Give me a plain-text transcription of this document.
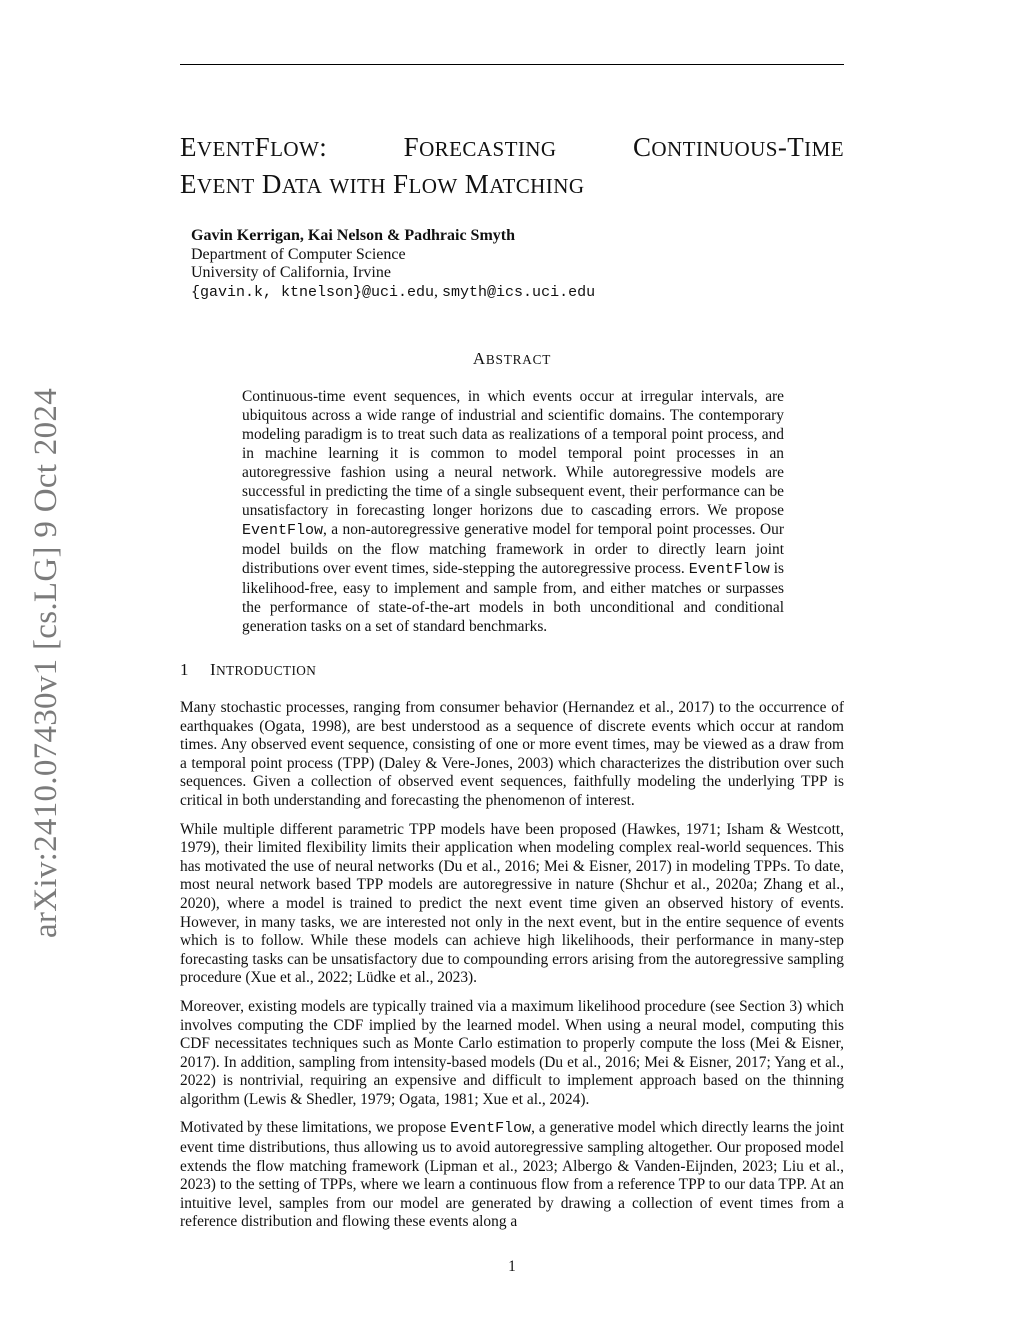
arXiv:2410.07430v1 [cs.LG] 9 Oct 2024
EVENTFLOW:	FORECASTING	CONTINUOUS-TIME
EVENT DATA WITH FLOW MATCHING
Gavin Kerrigan, Kai Nelson & Padhraic Smyth
Department of Computer Science
University of California, Irvine
{gavin.k, ktnelson}@uci.edu, smyth@ics.uci.edu
ABSTRACT

Continuous-time event sequences, in which events occur at irregular intervals, are ubiquitous across a wide range of industrial and scientific domains. The contemporary modeling paradigm is to treat such data as realizations of a temporal point process, and in machine learning it is common to model temporal point processes in an autoregressive fashion using a neural network. While autoregressive models are successful in predicting the time of a single subsequent event, their performance can be unsatisfactory in forecasting longer horizons due to cascading errors. We propose EventFlow, a non-autoregressive generative model for temporal point processes. Our model builds on the flow matching framework in order to directly learn joint distributions over event times, side-stepping the autoregressive process. EventFlow is likelihood-free, easy to implement and sample from, and either matches or surpasses the performance of state-of-the-art models in both unconditional and conditional generation tasks on a set of standard benchmarks.

1 INTRODUCTION

Many stochastic processes, ranging from consumer behavior (Hernandez et al., 2017) to the occurrence of earthquakes (Ogata, 1998), are best understood as a sequence of discrete events which occur at random times. Any observed event sequence, consisting of one or more event times, may be viewed as a draw from a temporal point process (TPP) (Daley & Vere-Jones, 2003) which characterizes the distribution over such sequences. Given a collection of observed event sequences, faithfully modeling the underlying TPP is critical in both understanding and forecasting the phenomenon of interest.

While multiple different parametric TPP models have been proposed (Hawkes, 1971; Isham & Westcott, 1979), their limited flexibility limits their application when modeling complex real-world sequences. This has motivated the use of neural networks (Du et al., 2016; Mei & Eisner, 2017) in modeling TPPs. To date, most neural network based TPP models are autoregressive in nature (Shchur et al., 2020a; Zhang et al., 2020), where a model is trained to predict the next event time given an observed history of events. However, in many tasks, we are interested not only in the next event, but in the entire sequence of events which is to follow. While these models can achieve high likelihoods, their performance in many-step forecasting tasks can be unsatisfactory due to compounding errors arising from the autoregressive sampling procedure (Xue et al., 2022; Lüdke et al., 2023).

Moreover, existing models are typically trained via a maximum likelihood procedure (see Section 3) which involves computing the CDF implied by the learned model. When using a neural model, computing this CDF necessitates techniques such as Monte Carlo estimation to properly compute the loss (Mei & Eisner, 2017). In addition, sampling from intensity-based models (Du et al., 2016; Mei & Eisner, 2017; Yang et al., 2022) is nontrivial, requiring an expensive and difficult to implement approach based on the thinning algorithm (Lewis & Shedler, 1979; Ogata, 1981; Xue et al., 2024).

Motivated by these limitations, we propose EventFlow, a generative model which directly learns the joint event time distributions, thus allowing us to avoid autoregressive sampling altogether. Our proposed model extends the flow matching framework (Lipman et al., 2023; Albergo & Vanden-Eijnden, 2023; Liu et al., 2023) to the setting of TPPs, where we learn a continuous flow from a reference TPP to our data TPP. At an intuitive level, samples from our model are generated by drawing a collection of event times from a reference distribution and flowing these events along a

1
